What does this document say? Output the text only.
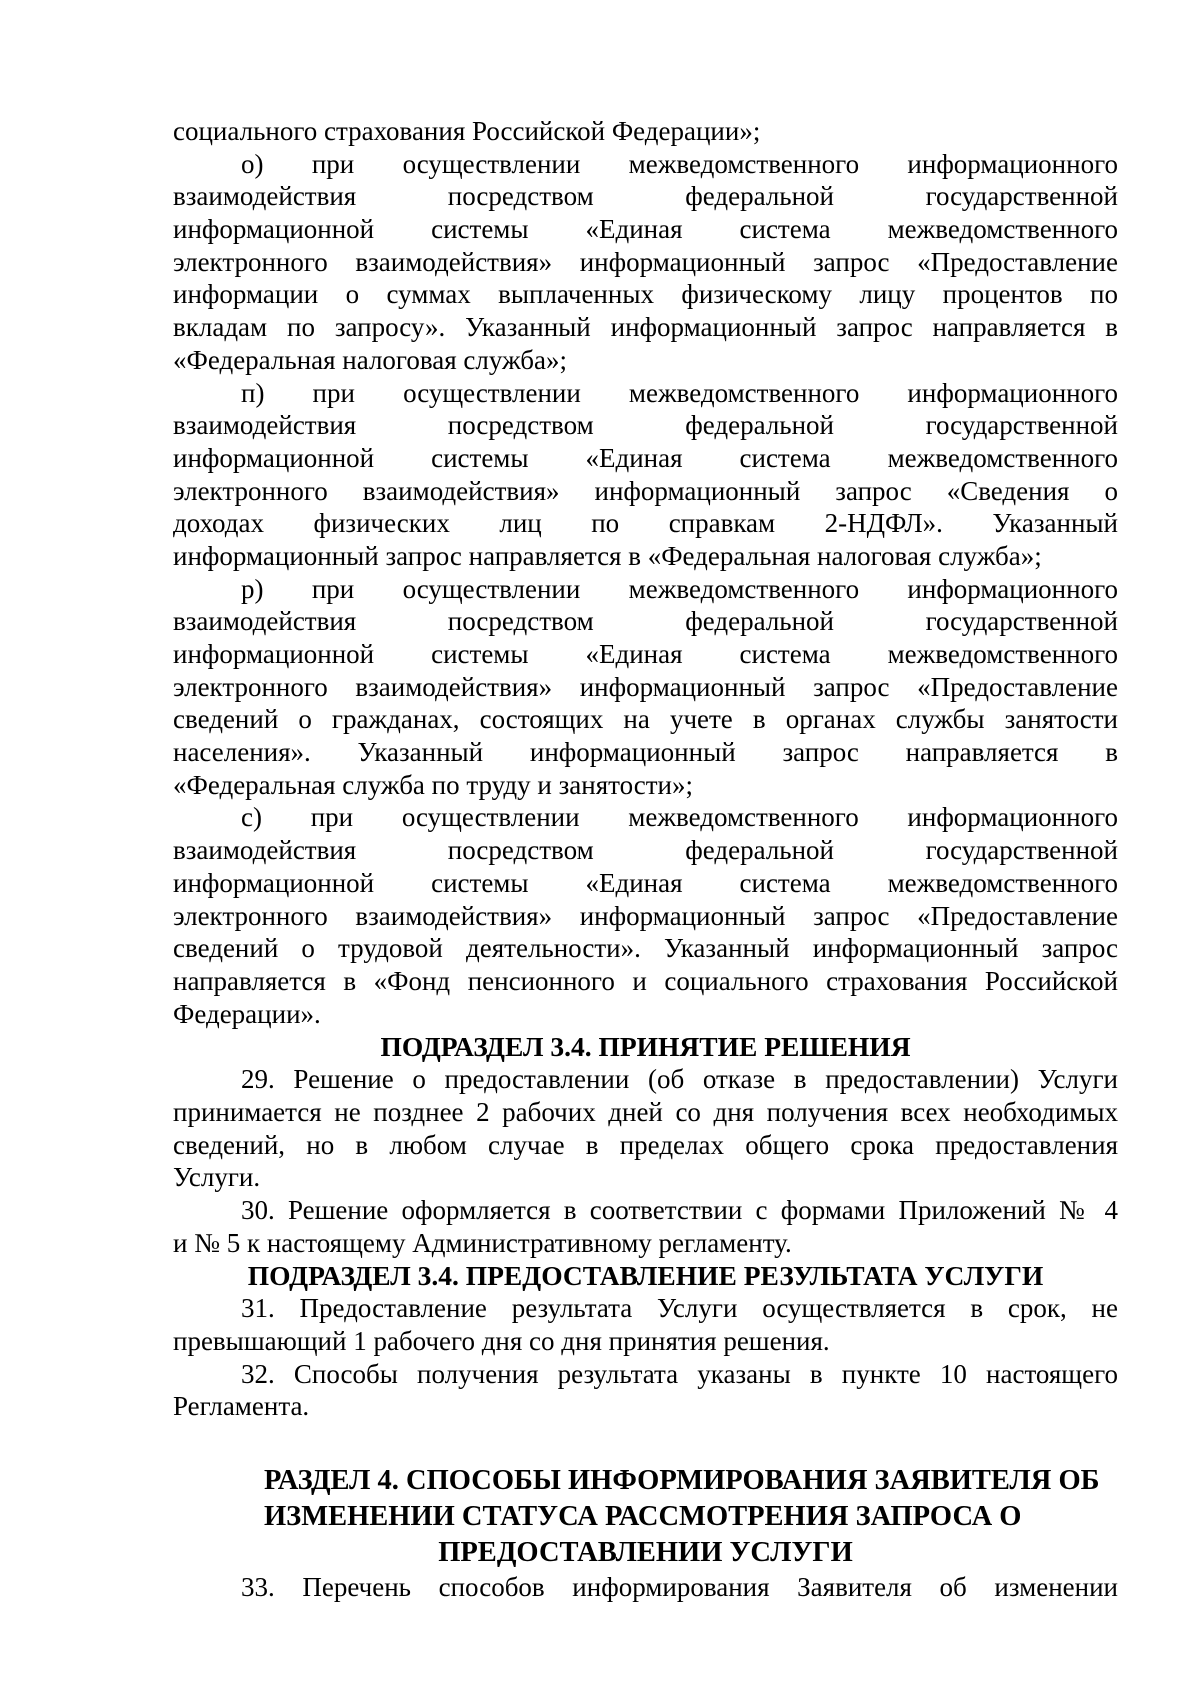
социального страхования Российской Федерации»;
о) при осуществлении межведомственного информационного
взаимодействия посредством федеральной государственной
информационной системы «Единая система межведомственного
электронного взаимодействия» информационный запрос «Предоставление
информации о суммах выплаченных физическому лицу процентов по
вкладам по запросу». Указанный информационный запрос направляется в
«Федеральная налоговая служба»;
п) при осуществлении межведомственного информационного
взаимодействия посредством федеральной государственной
информационной системы «Единая система межведомственного
электронного взаимодействия» информационный запрос «Сведения о
доходах физических лиц по справкам 2-НДФЛ». Указанный
информационный запрос направляется в «Федеральная налоговая служба»;
р) при осуществлении межведомственного информационного
взаимодействия посредством федеральной государственной
информационной системы «Единая система межведомственного
электронного взаимодействия» информационный запрос «Предоставление
сведений о гражданах, состоящих на учете в органах службы занятости
населения». Указанный информационный запрос направляется в
«Федеральная служба по труду и занятости»;
с) при осуществлении межведомственного информационного
взаимодействия посредством федеральной государственной
информационной системы «Единая система межведомственного
электронного взаимодействия» информационный запрос «Предоставление
сведений о трудовой деятельности». Указанный информационный запрос
направляется в «Фонд пенсионного и социального страхования Российской
Федерации».
ПОДРАЗДЕЛ 3.4. ПРИНЯТИЕ РЕШЕНИЯ
29. Решение о предоставлении (об отказе в предоставлении) Услуги
принимается не позднее 2 рабочих дней со дня получения всех необходимых
сведений, но в любом случае в пределах общего срока предоставления
Услуги.
30. Решение оформляется в соответствии с формами Приложений № 4
и № 5 к настоящему Административному регламенту.
ПОДРАЗДЕЛ 3.4. ПРЕДОСТАВЛЕНИЕ РЕЗУЛЬТАТА УСЛУГИ
31. Предоставление результата Услуги осуществляется в срок, не
превышающий 1 рабочего дня со дня принятия решения.
32. Способы получения результата указаны в пункте 10 настоящего
Регламента.
РАЗДЕЛ 4. СПОСОБЫ ИНФОРМИРОВАНИЯ ЗАЯВИТЕЛЯ ОБ
ИЗМЕНЕНИИ СТАТУСА РАССМОТРЕНИЯ ЗАПРОСА О
ПРЕДОСТАВЛЕНИИ УСЛУГИ
33. Перечень способов информирования Заявителя об изменении
